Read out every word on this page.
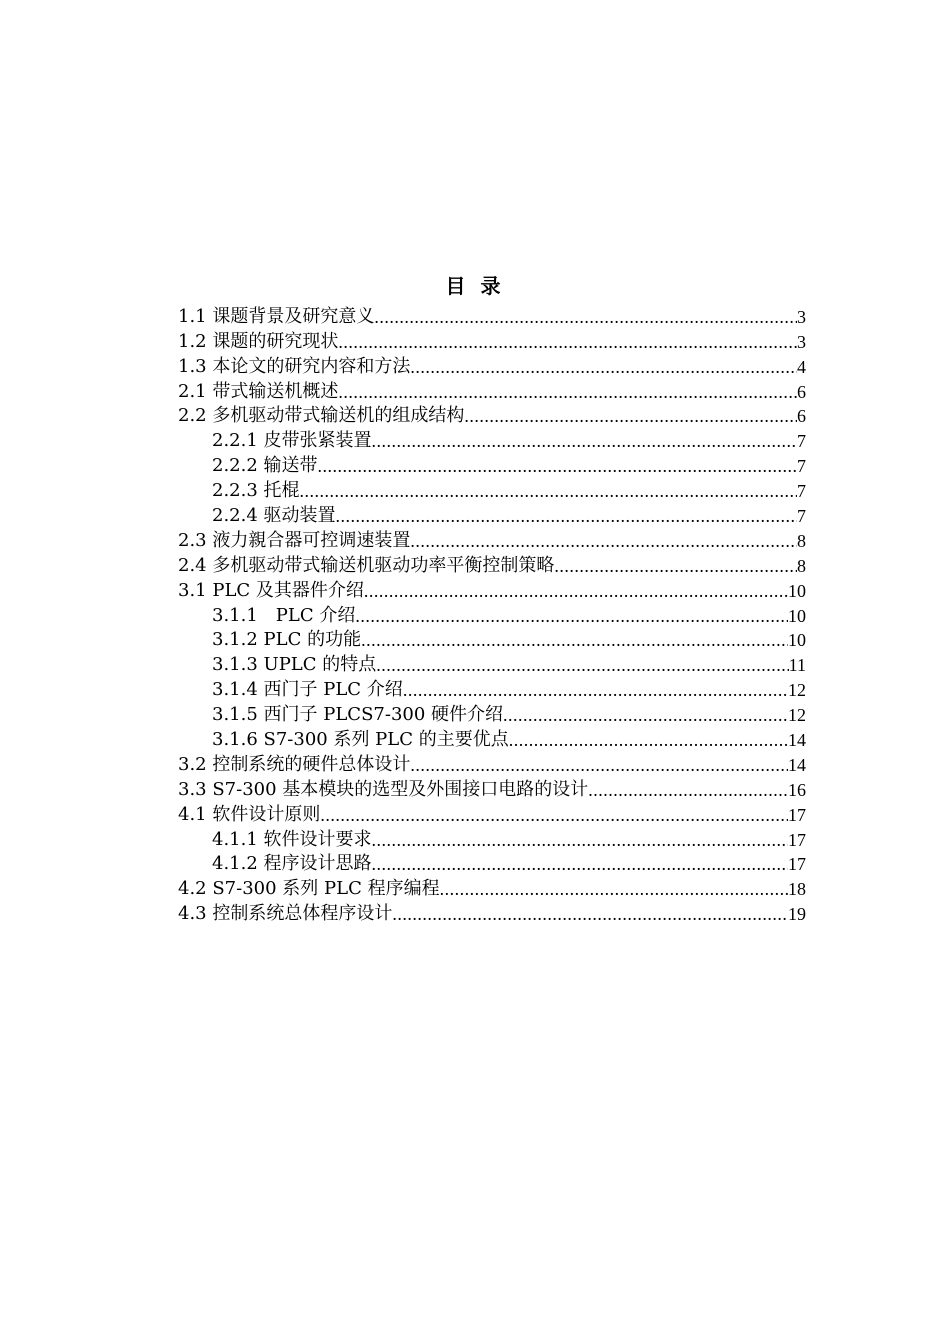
目 录
1.1 课题背景及研究意义 .....	3
1.2 课题的研究现状 .....	3
1.3 本论文的研究内容和方法 .....	4
2.1 带式输送机概述 .....	6
2.2 多机驱动带式输送机的组成结构 .....	6
2.2.1 皮带张紧装置 .....	7
2.2.2 输送带 .....	7
2.2.3 托棍 .....	7
2.2.4 驱动装置 .....	7
2.3 液力親合器可控调速装置 .....	8
2.4 多机驱动带式输送机驱动功率平衡控制策略 .....	8
3.1 PLC 及其器件介绍 .....	10
3.1.1　PLC 介绍 .....	10
3.1.2 PLC 的功能 .....	10
3.1.3 UPLC 的特点 .....	11
3.1.4 西门子 PLC 介绍 .....	12
3.1.5 西门子 PLCS7-300 硬件介绍 .....	12
3.1.6 S7-300 系列 PLC 的主要优点 .....	14
3.2 控制系统的硬件总体设计 .....	14
3.3 S7-300 基本模块的选型及外围接口电路的设计 .....	16
4.1 软件设计原则 .....	17
4.1.1 软件设计要求 .....	17
4.1.2 程序设计思路 .....	17
4.2 S7-300 系列 PLC 程序编程 .....	18
4.3 控制系统总体程序设计 .....	19
